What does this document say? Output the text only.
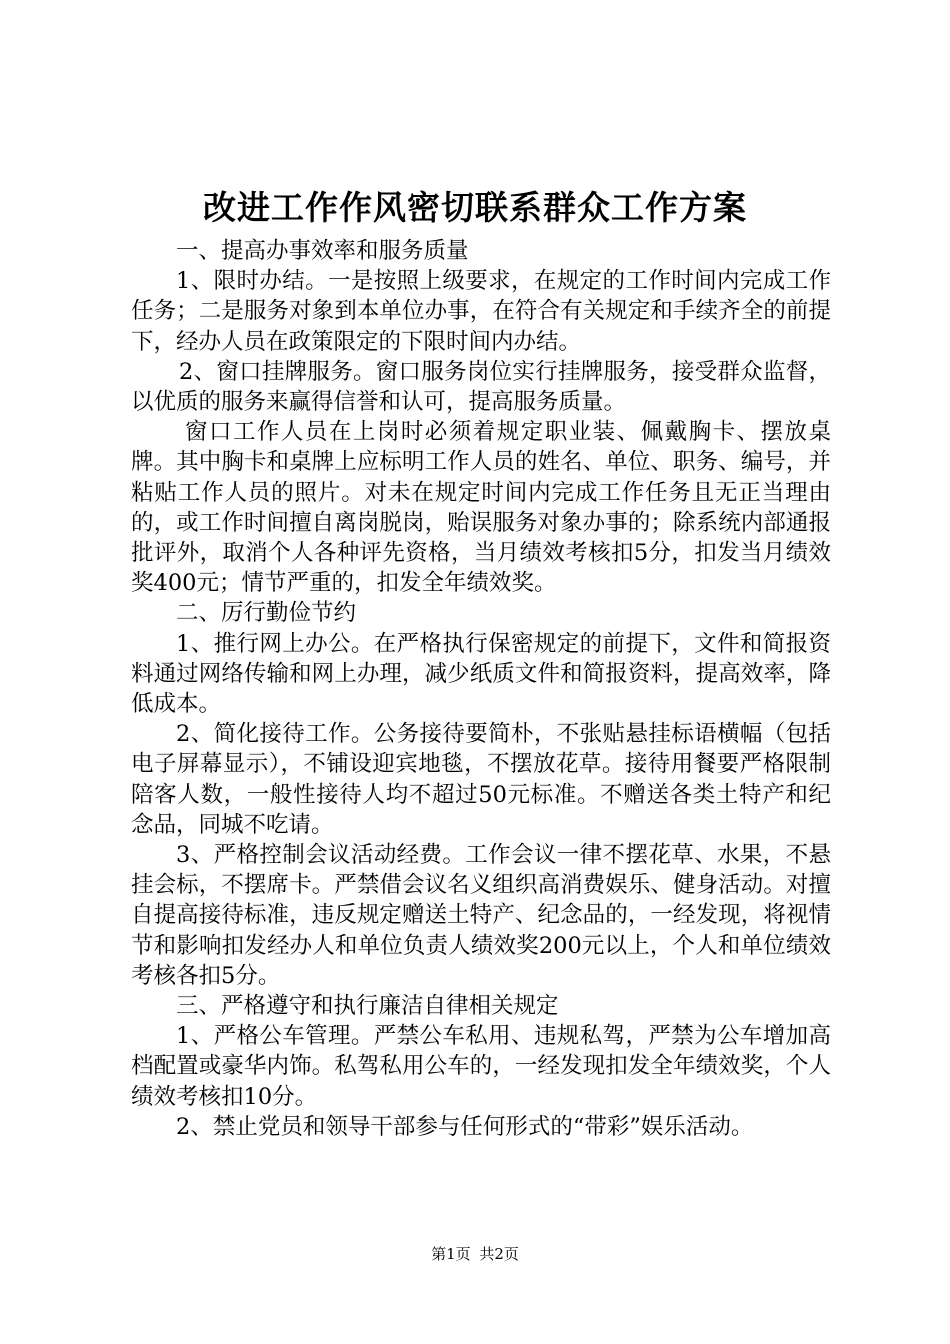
改进工作作风密切联系群众工作方案

一、提高办事效率和服务质量

1、限时办结。一是按照上级要求，在规定的工作时间内完成工作任务；二是服务对象到本单位办事，在符合有关规定和手续齐全的前提下，经办人员在政策限定的下限时间内办结。

2、窗口挂牌服务。窗口服务岗位实行挂牌服务，接受群众监督，以优质的服务来赢得信誉和认可，提高服务质量。

窗口工作人员在上岗时必须着规定职业装、佩戴胸卡、摆放桌牌。其中胸卡和桌牌上应标明工作人员的姓名、单位、职务、编号，并粘贴工作人员的照片。对未在规定时间内完成工作任务且无正当理由的，或工作时间擅自离岗脱岗，贻误服务对象办事的；除系统内部通报批评外，取消个人各种评先资格，当月绩效考核扣5分，扣发当月绩效奖400元；情节严重的，扣发全年绩效奖。

二、厉行勤俭节约

1、推行网上办公。在严格执行保密规定的前提下，文件和简报资料通过网络传输和网上办理，减少纸质文件和简报资料，提高效率，降低成本。

2、简化接待工作。公务接待要简朴，不张贴悬挂标语横幅（包括电子屏幕显示），不铺设迎宾地毯，不摆放花草。接待用餐要严格限制陪客人数，一般性接待人均不超过50元标准。不赠送各类土特产和纪念品，同城不吃请。

3、严格控制会议活动经费。工作会议一律不摆花草、水果，不悬挂会标，不摆席卡。严禁借会议名义组织高消费娱乐、健身活动。对擅自提高接待标准，违反规定赠送土特产、纪念品的，一经发现，将视情节和影响扣发经办人和单位负责人绩效奖200元以上，个人和单位绩效考核各扣5分。

三、严格遵守和执行廉洁自律相关规定

1、严格公车管理。严禁公车私用、违规私驾，严禁为公车增加高档配置或豪华内饰。私驾私用公车的，一经发现扣发全年绩效奖，个人绩效考核扣10分。

2、禁止党员和领导干部参与任何形式的“带彩”娱乐活动。

第1页 共2页
